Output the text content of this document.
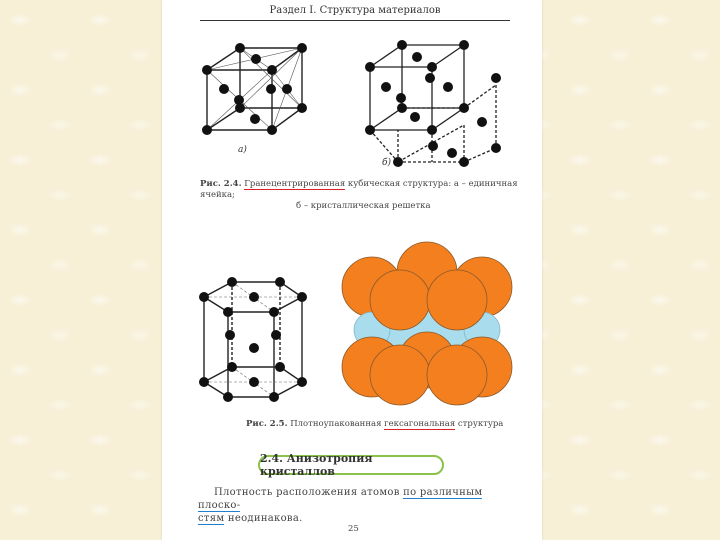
Раздел I. Структура материалов
а)
б)
Рис. 2.4. Гранецентрированная кубическая структура: а – единичная ячейка;
б – кристаллическая решетка
Рис. 2.5. Плотноупакованная гексагональная структура
2.4. Анизотропия кристаллов
Плотность расположения атомов по различным плоско-
стям неодинакова.
25
